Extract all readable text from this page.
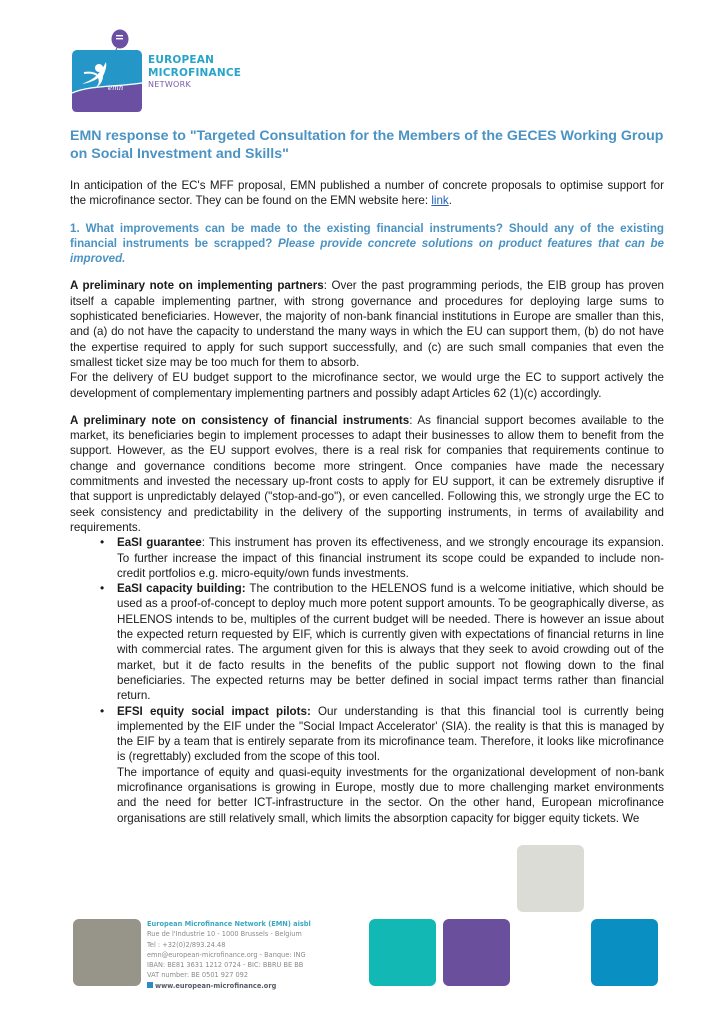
emn
EUROPEAN
MICROFINANCE
NETWORK
EMN response to "Targeted Consultation for the Members of the GECES Working Group on Social Investment and Skills"

In anticipation of the EC's MFF proposal, EMN published a number of concrete proposals to optimise support for the microfinance sector. They can be found on the EMN website here: link.

1. What improvements can be made to the existing financial instruments? Should any of the existing financial instruments be scrapped? Please provide concrete solutions on product features that can be improved.

A preliminary note on implementing partners: Over the past programming periods, the EIB group has proven itself a capable implementing partner, with strong governance and procedures for deploying large sums to sophisticated beneficiaries. However, the majority of non-bank financial institutions in Europe are smaller than this, and (a) do not have the capacity to understand the many ways in which the EU can support them, (b) do not have the expertise required to apply for such support successfully, and (c) are such small companies that even the smallest ticket size may be too much for them to absorb.

For the delivery of EU budget support to the microfinance sector, we would urge the EC to support actively the development of complementary implementing partners and possibly adapt Articles 62 (1)(c) accordingly.

A preliminary note on consistency of financial instruments: As financial support becomes available to the market, its beneficiaries begin to implement processes to adapt their businesses to allow them to benefit from the support. However, as the EU support evolves, there is a real risk for companies that requirements continue to change and governance conditions become more stringent. Once companies have made the necessary commitments and invested the necessary up-front costs to apply for EU support, it can be extremely disruptive if that support is unpredictably delayed ("stop-and-go"), or even cancelled. Following this, we strongly urge the EC to seek consistency and predictability in the delivery of the supporting instruments, in terms of availability and requirements.

• EaSI guarantee: This instrument has proven its effectiveness, and we strongly encourage its expansion. To further increase the impact of this financial instrument its scope could be expanded to include non-credit portfolios e.g. micro-equity/own funds investments.
• EaSI capacity building: The contribution to the HELENOS fund is a welcome initiative, which should be used as a proof-of-concept to deploy much more potent support amounts. To be geographically diverse, as HELENOS intends to be, multiples of the current budget will be needed. There is however an issue about the expected return requested by EIF, which is currently given with expectations of financial returns in line with commercial rates. The argument given for this is always that they seek to avoid crowding out of the market, but it de facto results in the benefits of the public support not flowing down to the final beneficiaries. The expected returns may be better defined in social impact terms rather than financial return.
• EFSI equity social impact pilots: Our understanding is that this financial tool is currently being implemented by the EIF under the "Social Impact Accelerator' (SIA). the reality is that this is managed by the EIF by a team that is entirely separate from its microfinance team. Therefore, it looks like microfinance is (regrettably) excluded from the scope of this tool.

The importance of equity and quasi-equity investments for the organizational development of non-bank microfinance organisations is growing in Europe, mostly due to more challenging market environments and the need for better ICT-infrastructure in the sector. On the other hand, European microfinance organisations are still relatively small, which limits the absorption capacity for bigger equity tickets. We

European Microfinance Network (EMN) aisbl
Rue de l'Industrie 10 - 1000 Brussels - Belgium
Tel : +32(0)2/893.24.48
emn@european-microfinance.org - Banque: ING
IBAN: BE81 3631 1212 0724 - BIC: BBRU BE BB
VAT number: BE 0501 927 092
www.european-microfinance.org
